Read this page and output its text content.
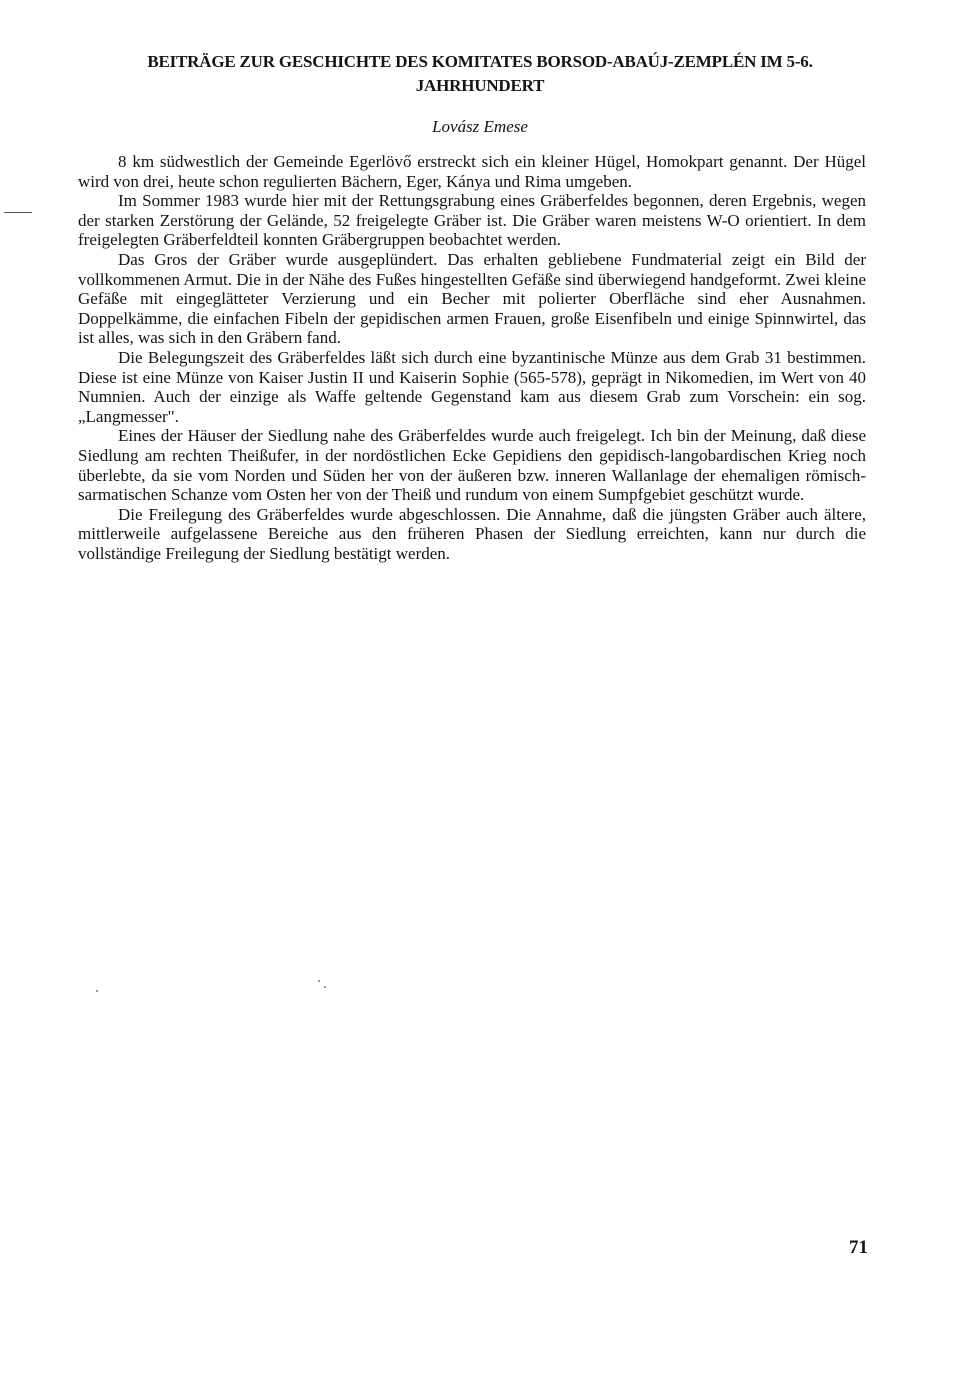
BEITRÄGE ZUR GESCHICHTE DES KOMITATES BORSOD-ABAÚJ-ZEMPLÉN IM 5-6.
JAHRHUNDERT
Lovász Emese

8 km südwestlich der Gemeinde Egerlövő erstreckt sich ein kleiner Hügel, Homokpart genannt. Der Hügel wird von drei, heute schon regulierten Bächern, Eger, Kánya und Rima umgeben.

Im Sommer 1983 wurde hier mit der Rettungsgrabung eines Gräberfeldes begonnen, deren Ergebnis, wegen der starken Zerstörung der Gelände, 52 freigelegte Gräber ist. Die Gräber waren meistens W-O orientiert. In dem freigelegten Gräberfeldteil konnten Gräbergruppen beobachtet werden.

Das Gros der Gräber wurde ausgeplündert. Das erhalten gebliebene Fundmaterial zeigt ein Bild der vollkommenen Armut. Die in der Nähe des Fußes hingestellten Gefäße sind überwiegend handgeformt. Zwei kleine Gefäße mit eingeglätteter Verzierung und ein Becher mit polierter Oberfläche sind eher Ausnahmen. Doppelkämme, die einfachen Fibeln der gepidischen armen Frauen, große Eisenfibeln und einige Spinnwirtel, das ist alles, was sich in den Gräbern fand.

Die Belegungszeit des Gräberfeldes läßt sich durch eine byzantinische Münze aus dem Grab 31 bestimmen. Diese ist eine Münze von Kaiser Justin II und Kaiserin Sophie (565-578), geprägt in Nikomedien, im Wert von 40 Numnien. Auch der einzige als Waffe geltende Gegenstand kam aus diesem Grab zum Vorschein: ein sog. „Langmesser".

Eines der Häuser der Siedlung nahe des Gräberfeldes wurde auch freigelegt. Ich bin der Meinung, daß diese Siedlung am rechten Theißufer, in der nordöstlichen Ecke Gepidiens den gepidisch-langobardischen Krieg noch überlebte, da sie vom Norden und Süden her von der äußeren bzw. inneren Wallanlage der ehemaligen römisch-sarmatischen Schanze vom Osten her von der Theiß und rundum von einem Sumpfgebiet geschützt wurde.

Die Freilegung des Gräberfeldes wurde abgeschlossen. Die Annahme, daß die jüngsten Gräber auch ältere, mittlerweile aufgelassene Bereiche aus den früheren Phasen der Siedlung erreichten, kann nur durch die vollständige Freilegung der Siedlung bestätigt werden.

71
